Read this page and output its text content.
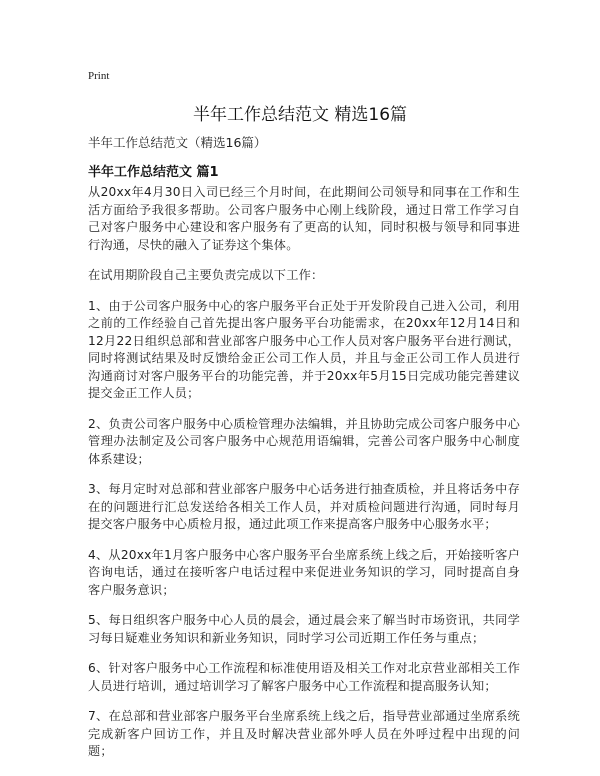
Print
半年工作总结范文 精选16篇
半年工作总结范文（精选16篇）
半年工作总结范文 篇1

从20xx年4月30日入司已经三个月时间，在此期间公司领导和同事在工作和生活方面给予我很多帮助。公司客户服务中心刚上线阶段，通过日常工作学习自己对客户服务中心建设和客户服务有了更高的认知，同时积极与领导和同事进行沟通，尽快的融入了证券这个集体。

在试用期阶段自己主要负责完成以下工作：

1、由于公司客户服务中心的客户服务平台正处于开发阶段自己进入公司，利用之前的工作经验自己首先提出客户服务平台功能需求，在20xx年12月14日和12月22日组织总部和营业部客户服务中心工作人员对客户服务平台进行测试，同时将测试结果及时反馈给金正公司工作人员，并且与金正公司工作人员进行沟通商讨对客户服务平台的功能完善，并于20xx年5月15日完成功能完善建议提交金正工作人员；

2、负责公司客户服务中心质检管理办法编辑，并且协助完成公司客户服务中心管理办法制定及公司客户服务中心规范用语编辑，完善公司客户服务中心制度体系建设；

3、每月定时对总部和营业部客户服务中心话务进行抽查质检，并且将话务中存在的问题进行汇总发送给各相关工作人员，并对质检问题进行沟通，同时每月提交客户服务中心质检月报，通过此项工作来提高客户服务中心服务水平；

4、从20xx年1月客户服务中心客户服务平台坐席系统上线之后，开始接听客户咨询电话，通过在接听客户电话过程中来促进业务知识的学习，同时提高自身客户服务意识；

5、每日组织客户服务中心人员的晨会，通过晨会来了解当时市场资讯，共同学习每日疑难业务知识和新业务知识，同时学习公司近期工作任务与重点；

6、针对客户服务中心工作流程和标准使用语及相关工作对北京营业部相关工作人员进行培训，通过培训学习了解客户服务中心工作流程和提高服务认知；

7、在总部和营业部客户服务平台坐席系统上线之后，指导营业部通过坐席系统完成新客户回访工作，并且及时解决营业部外呼人员在外呼过程中出现的问题；
